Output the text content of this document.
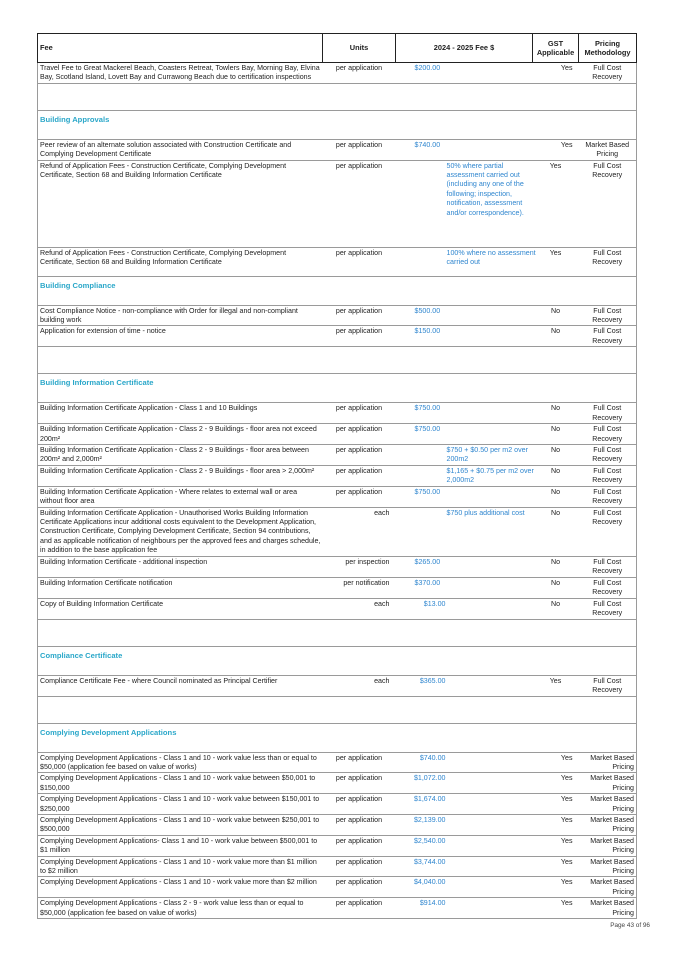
Fee	Units	2024 - 2025 Fee $	GST Applicable	Pricing Methodology
Travel Fee to Great Mackerel Beach, Coasters Retreat, Towlers Bay, Morning Bay, Elvina Bay, Scotland Island, Lovett Bay and Currawong Beach due to certification inspections	per application	$200.00	Yes	Full Cost Recovery

Building Approvals				
Peer review of an alternate solution associated with Construction Certificate and Complying Development Certificate	per application	$740.00	Yes	Market Based Pricing
Refund of Application Fees - Construction Certificate, Complying Development Certificate, Section 68 and Building Information Certificate	per application	50% where partial assessment carried out (including any one of the following; inspection, notification, assessment and/or correspondence).	Yes	Full Cost Recovery
Refund of Application Fees - Construction Certificate, Complying Development Certificate, Section 68 and Building Information Certificate	per application	100% where no assessment carried out	Yes	Full Cost Recovery
Building Compliance				
Cost Compliance Notice - non-compliance with Order for illegal and non-compliant building work	per application	$500.00	No	Full Cost Recovery
Application for extension of time - notice	per application	$150.00	No	Full Cost Recovery

Building Information Certificate				
Building Information Certificate Application - Class 1 and 10 Buildings	per application	$750.00	No	Full Cost Recovery
Building Information Certificate Application - Class 2 - 9 Buildings - floor area not exceed 200m²	per application	$750.00	No	Full Cost Recovery
Building Information Certificate Application - Class 2 - 9 Buildings - floor area between 200m² and 2,000m²	per application	$750 + $0.50 per m2 over 200m2	No	Full Cost Recovery
Building Information Certificate Application - Class 2 - 9 Buildings - floor area > 2,000m²	per application	$1,165 + $0.75 per m2 over 2,000m2	No	Full Cost Recovery
Building Information Certificate Application - Where relates to external wall or area without floor area	per application	$750.00	No	Full Cost Recovery
Building Information Certificate Application - Unauthorised Works Building Information Certificate Applications incur additional costs equivalent to the Development Application, Construction Certificate, Complying Development Certificate, Section 94 contributions, and as applicable notification of neighbours per the approved fees and charges schedule, in addition to the base application fee	each	$750 plus additional cost	No	Full Cost Recovery
Building Information Certificate - additional inspection	per inspection	$265.00	No	Full Cost Recovery
Building Information Certificate notification	per notification	$370.00	No	Full Cost Recovery
Copy of Building Information Certificate	each	$13.00	No	Full Cost Recovery

Compliance Certificate				
Compliance Certificate Fee - where Council nominated as Principal Certifier	each	$365.00	Yes	Full Cost Recovery

Complying Development Applications				
Complying Development Applications - Class 1 and 10 - work value less than or equal to $50,000 (application fee based on value of works)	per application	$740.00	Yes	Market Based Pricing
Complying Development Applications - Class 1 and 10 - work value between $50,001 to $150,000	per application	$1,072.00	Yes	Market Based Pricing
Complying Development Applications - Class 1 and 10 - work value between $150,001 to $250,000	per application	$1,674.00	Yes	Market Based Pricing
Complying Development Applications - Class 1 and 10 - work value between $250,001 to $500,000	per application	$2,139.00	Yes	Market Based Pricing
Complying Development Applications- Class 1 and 10 - work value between $500,001 to $1 million	per application	$2,540.00	Yes	Market Based Pricing
Complying Development Applications - Class 1 and 10 - work value more than $1 million to $2 million	per application	$3,744.00	Yes	Market Based Pricing
Complying Development Applications - Class 1 and 10 - work value more than $2 million	per application	$4,040.00	Yes	Market Based Pricing
Complying Development Applications - Class 2 - 9 - work value less than or equal to $50,000 (application fee based on value of works)	per application	$914.00	Yes	Market Based Pricing
Page 43 of 96
